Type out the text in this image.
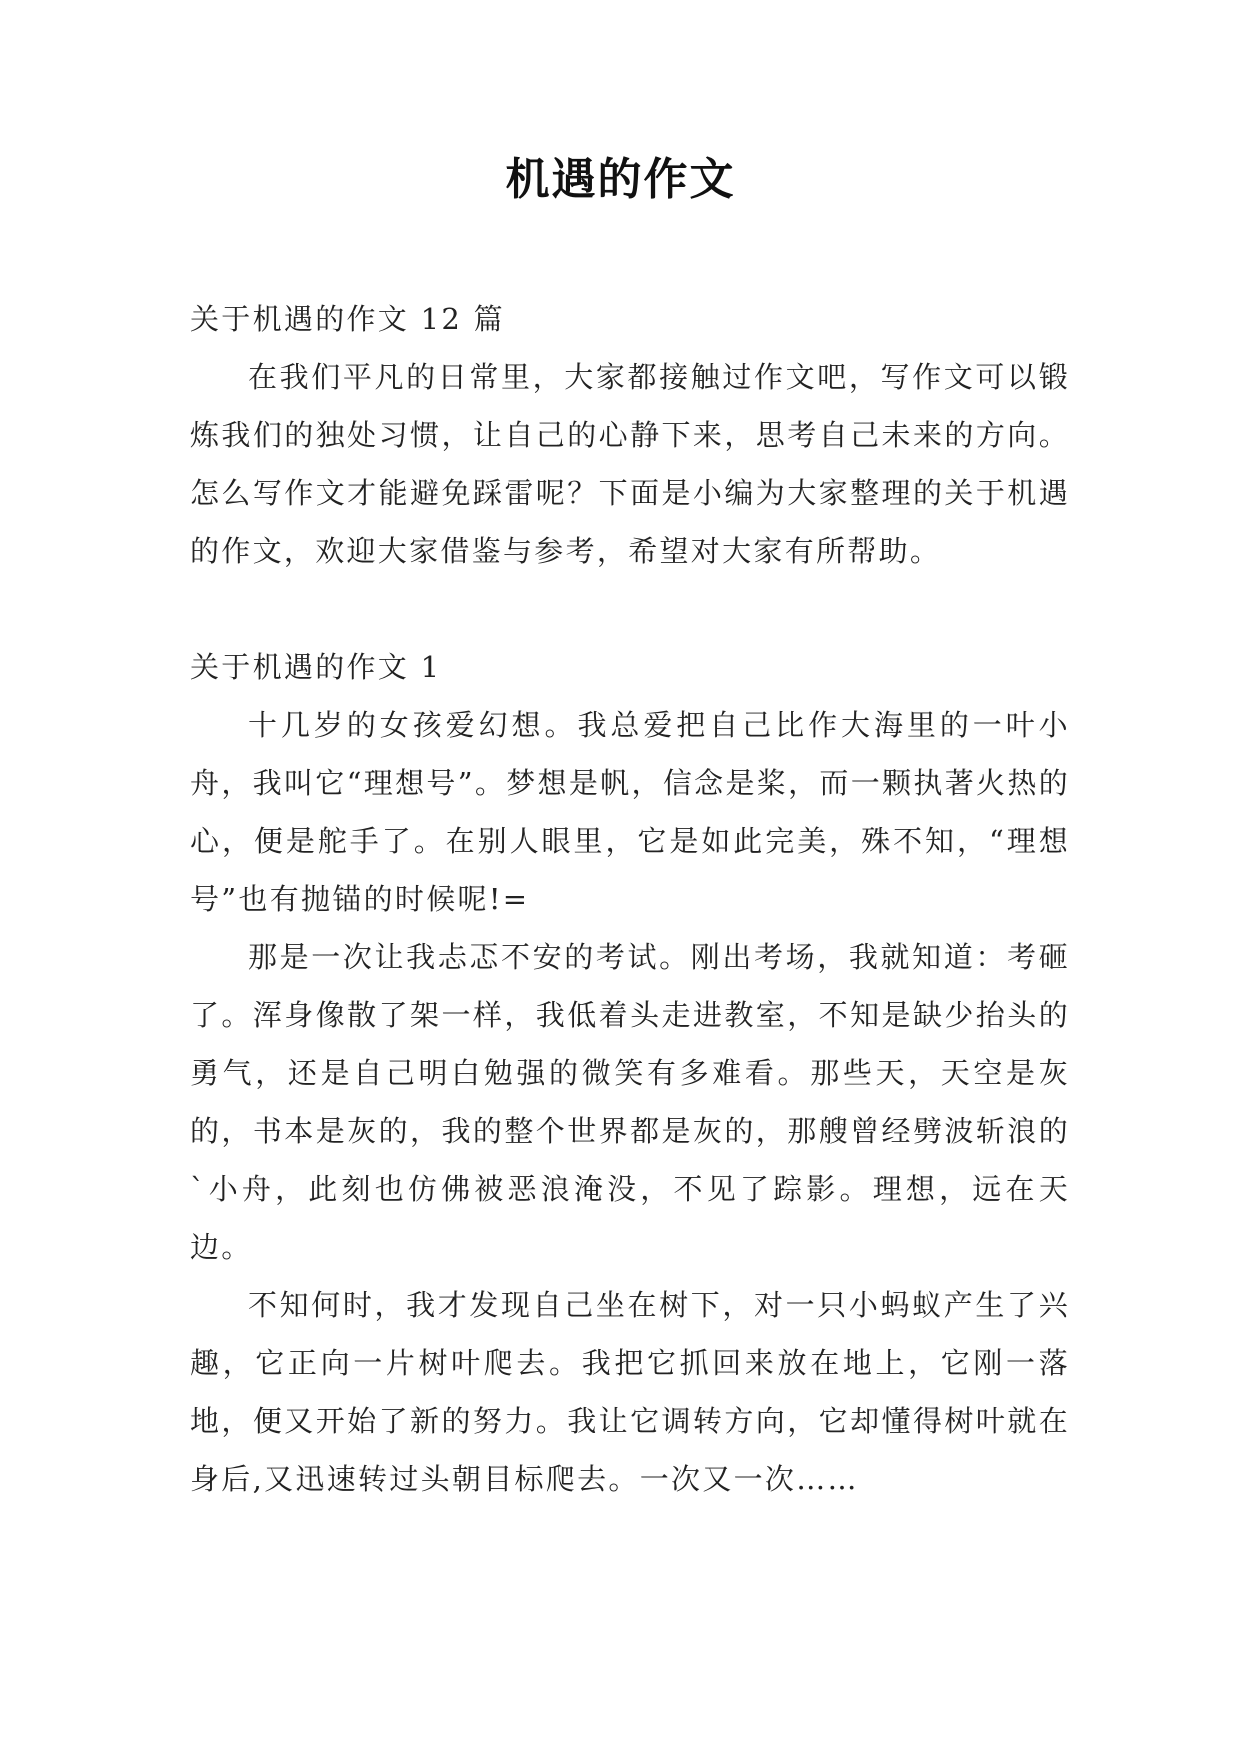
机遇的作文

关于机遇的作文 12 篇

在我们平凡的日常里，大家都接触过作文吧，写作文可以锻炼我们的独处习惯，让自己的心静下来，思考自己未来的方向。怎么写作文才能避免踩雷呢？下面是小编为大家整理的关于机遇的作文，欢迎大家借鉴与参考，希望对大家有所帮助。

关于机遇的作文 1

十几岁的女孩爱幻想。我总爱把自己比作大海里的一叶小舟，我叫它“理想号”。梦想是帆，信念是桨，而一颗执著火热的心，便是舵手了。在别人眼里，它是如此完美，殊不知，“理想号”也有抛锚的时候呢!=

那是一次让我忐忑不安的考试。刚出考场，我就知道：考砸了。浑身像散了架一样，我低着头走进教室，不知是缺少抬头的勇气，还是自己明白勉强的微笑有多难看。那些天，天空是灰的，书本是灰的，我的整个世界都是灰的，那艘曾经劈波斩浪的`小舟，此刻也仿佛被恶浪淹没，不见了踪影。理想，远在天边。

不知何时，我才发现自己坐在树下，对一只小蚂蚁产生了兴趣，它正向一片树叶爬去。我把它抓回来放在地上，它刚一落地，便又开始了新的努力。我让它调转方向，它却懂得树叶就在身后,又迅速转过头朝目标爬去。一次又一次……
